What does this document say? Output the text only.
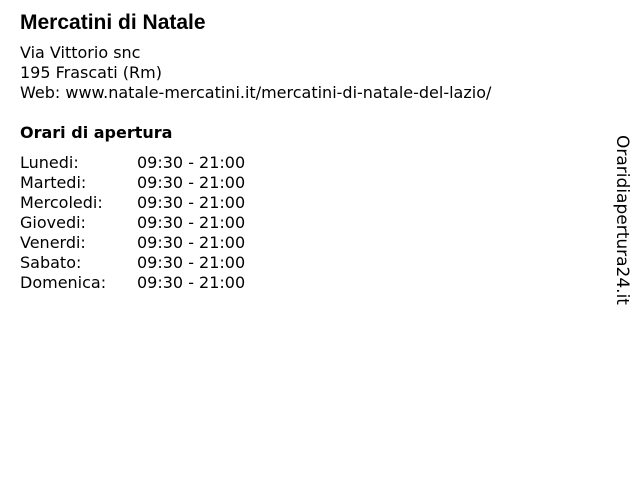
Mercatini di Natale
Via Vittorio snc
195 Frascati (Rm)
Web: www.natale-mercatini.it/mercatini-di-natale-del-lazio/
Orari di apertura
Lunedi:	09:30 - 21:00
Martedi:	09:30 - 21:00
Mercoledi: 09:30 - 21:00
Giovedi:	09:30 - 21:00
Venerdi:	09:30 - 21:00
Sabato:	09:30 - 21:00
Domenica: 09:30 - 21:00	Oraridiapertura24.it
